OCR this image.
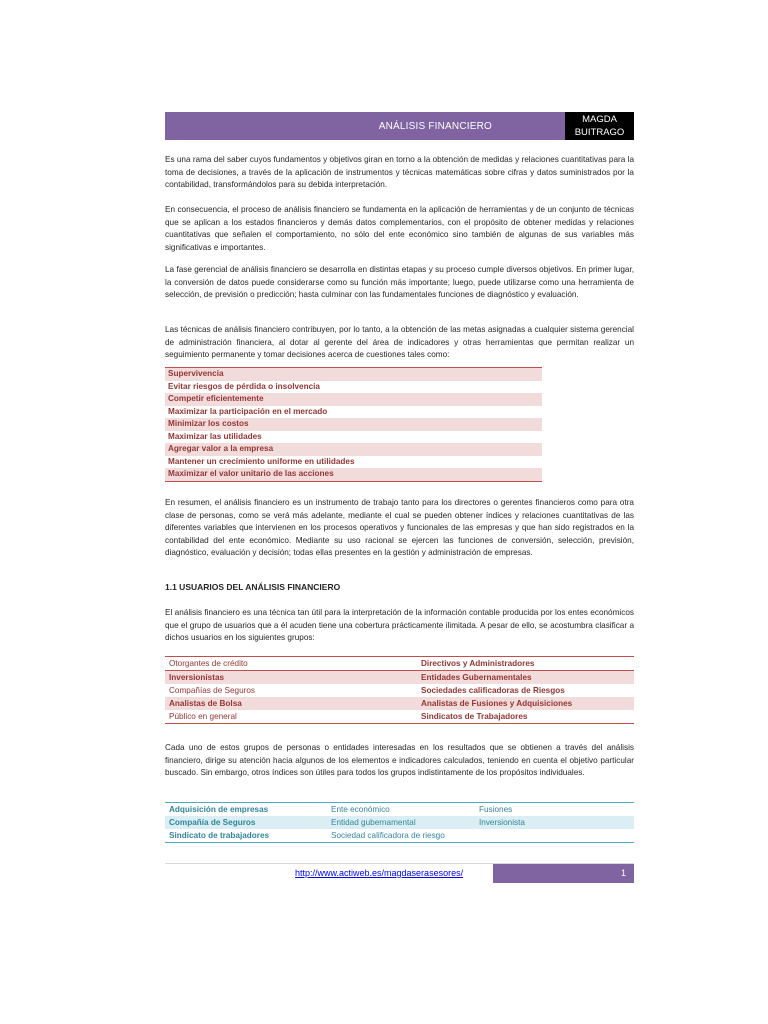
ANÁLISIS FINANCIERO
MAGDA
BUITRAGO

Es una rama del saber cuyos fundamentos y objetivos giran en torno a la obtención de medidas y relaciones cuantitativas para la toma de decisiones, a través de la aplicación de instrumentos y técnicas matemáticas sobre cifras y datos suministrados por la contabilidad, transformándolos para su debida interpretación.

En consecuencia, el proceso de análisis financiero se fundamenta en la aplicación de herramientas y de un conjunto de técnicas que se aplican a los estados financieros y demás datos complementarios, con el propósito de obtener medidas y relaciones cuantitativas que señalen el comportamiento, no sólo del ente económico sino también de algunas de sus variables más significativas e importantes.

La fase gerencial de análisis financiero se desarrolla en distintas etapas y su proceso cumple diversos objetivos. En primer lugar, la conversión de datos puede considerarse como su función más importante; luego, puede utilizarse como una herramienta de selección, de previsión o predicción; hasta culminar con las fundamentales funciones de diagnóstico y evaluación.

Las técnicas de análisis financiero contribuyen, por lo tanto, a la obtención de las metas asignadas a cualquier sistema gerencial de administración financiera, al dotar al gerente del área de indicadores y otras herramientas que permitan realizar un seguimiento permanente y tomar decisiones acerca de cuestiones tales como:

Supervivencia
Evitar riesgos de pérdida o insolvencia
Competir eficientemente
Maximizar la participación en el mercado
Minimizar los costos
Maximizar las utilidades
Agregar valor a la empresa
Mantener un crecimiento uniforme en utilidades
Maximizar el valor unitario de las acciones

En resumen, el análisis financiero es un instrumento de trabajo tanto para los directores o gerentes financieros como para otra clase de personas, como se verá más adelante, mediante el cual se pueden obtener índices y relaciones cuantitativas de las diferentes variables que intervienen en los procesos operativos y funcionales de las empresas y que han sido registrados en la contabilidad del ente económico. Mediante su uso racional se ejercen las funciones de conversión, selección, previsión, diagnóstico, evaluación y decisión; todas ellas presentes en la gestión y administración de empresas.

1.1 USUARIOS DEL ANÁLISIS FINANCIERO

El análisis financiero es una técnica tan útil para la interpretación de la información contable producida por los entes económicos que el grupo de usuarios que a él acuden tiene una cobertura prácticamente ilimitada. A pesar de ello, se acostumbra clasificar a dichos usuarios en los siguientes grupos:

Otorgantes de crédito	Directivos y Administradores
Inversionistas	Entidades Gubernamentales
Compañías de Seguros	Sociedades calificadoras de Riesgos
Analistas de Bolsa	Analistas de Fusiones y Adquisiciones
Público en general	Sindicatos de Trabajadores

Cada uno de estos grupos de personas o entidades interesadas en los resultados que se obtienen a través del análisis financiero, dirige su atención hacia algunos de los elementos e indicadores calculados, teniendo en cuenta el objetivo particular buscado. Sin embargo, otros índices son útiles para todos los grupos indistintamente de los propósitos individuales.

Adquisición de empresas	Ente económico	Fusiones
Compañía de Seguros	Entidad gubernamental	Inversionista
Sindicato de trabajadores	Sociedad calificadora de riesgo
http://www.actiweb.es/magdaserasesores/	1
